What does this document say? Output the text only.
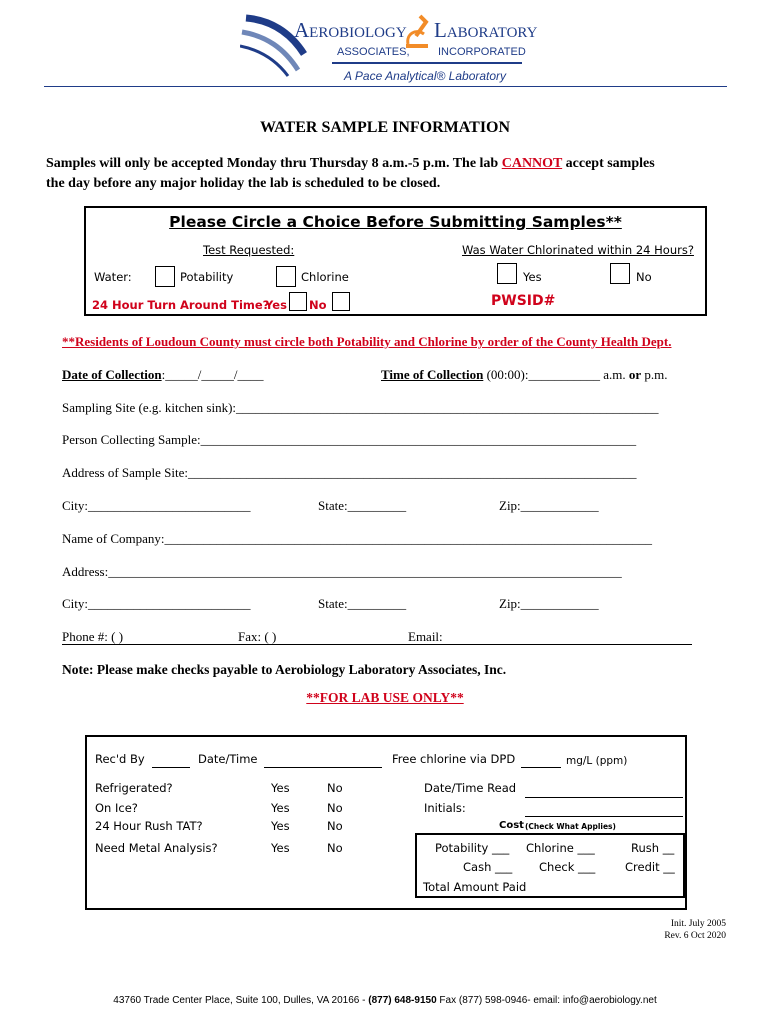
Aerobiology Laboratory
ASSOCIATES,	INCORPORATED
A Pace Analytical® Laboratory
WATER SAMPLE INFORMATION
Samples will only be accepted Monday thru Thursday 8 a.m.-5 p.m. The lab CANNOT accept samples
the day before any major holiday the lab is scheduled to be closed.
Please Circle a Choice Before Submitting Samples**
Test Requested:	Was Water Chlorinated within 24 Hours?
Water:	Potability	Chlorine	Yes	No
24 Hour Turn Around Time?
Yes No	PWSID#
**Residents of Loudoun County must circle both Potability and Chlorine by order of the County Health Dept.
Date of Collection:_____/_____/____	Time of Collection (00:00):___________ a.m. or p.m.
Sampling Site (e.g. kitchen sink):_________________________________________________________________
Person Collecting Sample:___________________________________________________________________
Address of Sample Site:_____________________________________________________________________
City:_________________________	State:_________	Zip:____________
Name of Company:___________________________________________________________________________
Address:_______________________________________________________________________________
City:_________________________	State:_________	Zip:____________
Phone #: ( )	Fax: ( )	Email:
Note: Please make checks payable to Aerobiology Laboratory Associates, Inc.
**FOR LAB USE ONLY**
Rec'd By	Date/Time	Free chlorine via DPD	mg/L (ppm)
Refrigerated?	Yes	No
On Ice?	Yes	No
24 Hour Rush TAT?	Yes	No
Need Metal Analysis?	Yes	No
Date/Time Read
Initials:
Cost (Check What Applies)
Potability ___ Chlorine ___	Rush __
Cash ___ Check ___	Credit __
Total Amount Paid
Init. July 2005
Rev. 6 Oct 2020
43760 Trade Center Place, Suite 100, Dulles, VA 20166 - (877) 648-9150 Fax (877) 598-0946- email: info@aerobiology.net
